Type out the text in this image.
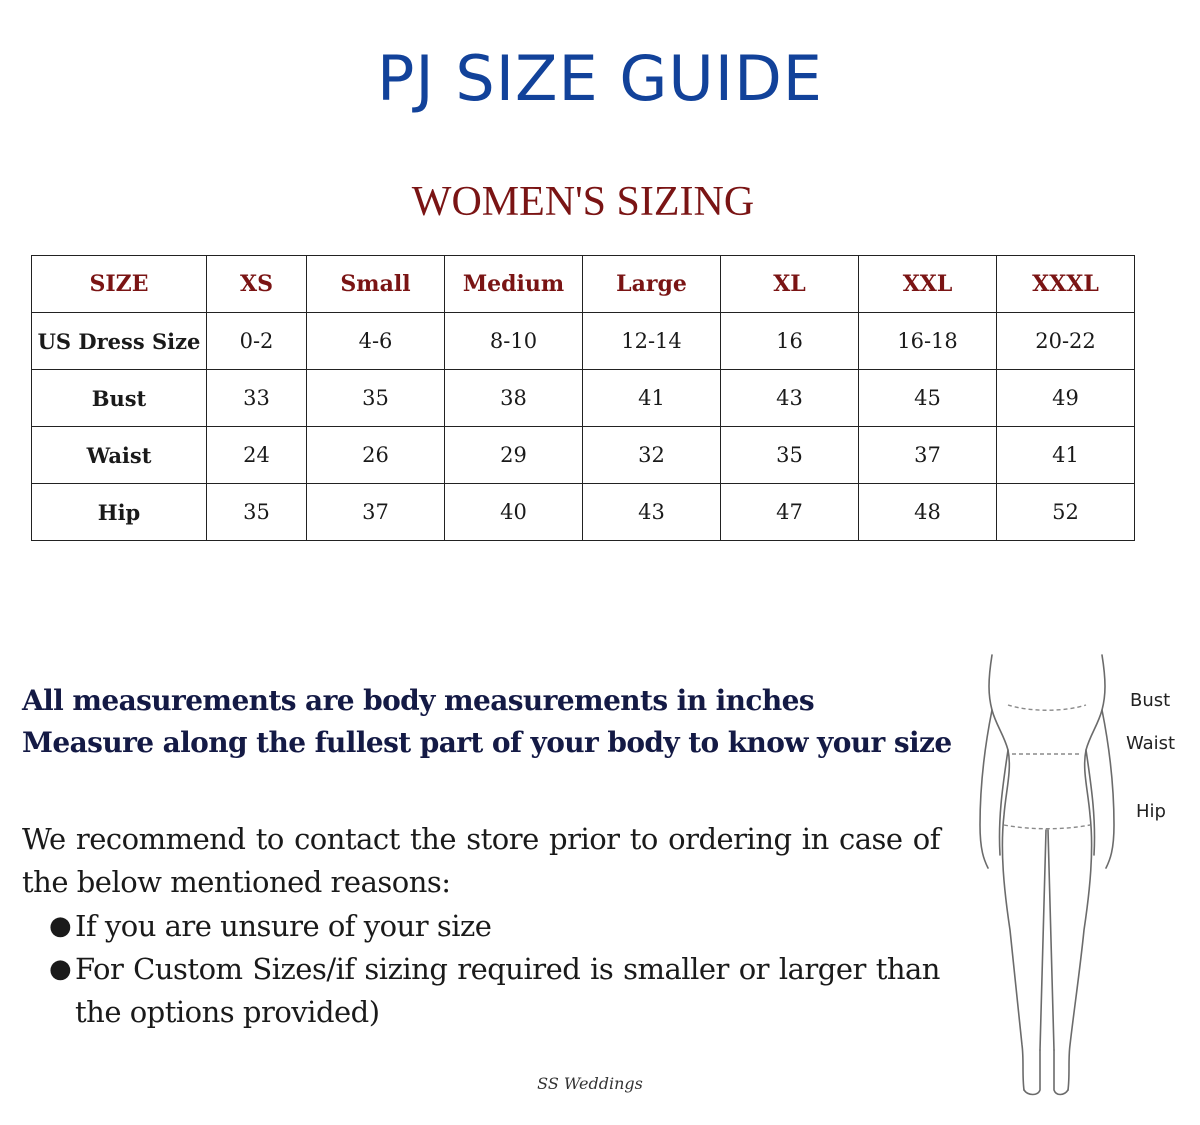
PJ SIZE GUIDE
WOMEN'S SIZING
SIZE	XS	Small	Medium	Large	XL	XXL	XXXL
US Dress Size	0-2	4-6	8-10	12-14	16	16-18	20-22
Bust	33	35	38	41	43	45	49
Waist	24	26	29	32	35	37	41
Hip	35	37	40	43	47	48	52
All measurements are body measurements in inches
Measure along the fullest part of your body to know your size
We recommend to contact the store prior to ordering in case of the below mentioned reasons:
● If you are unsure of your size
● For Custom Sizes/if sizing required is smaller or larger than the options provided)
Bust
Waist
Hip
SS Weddings
